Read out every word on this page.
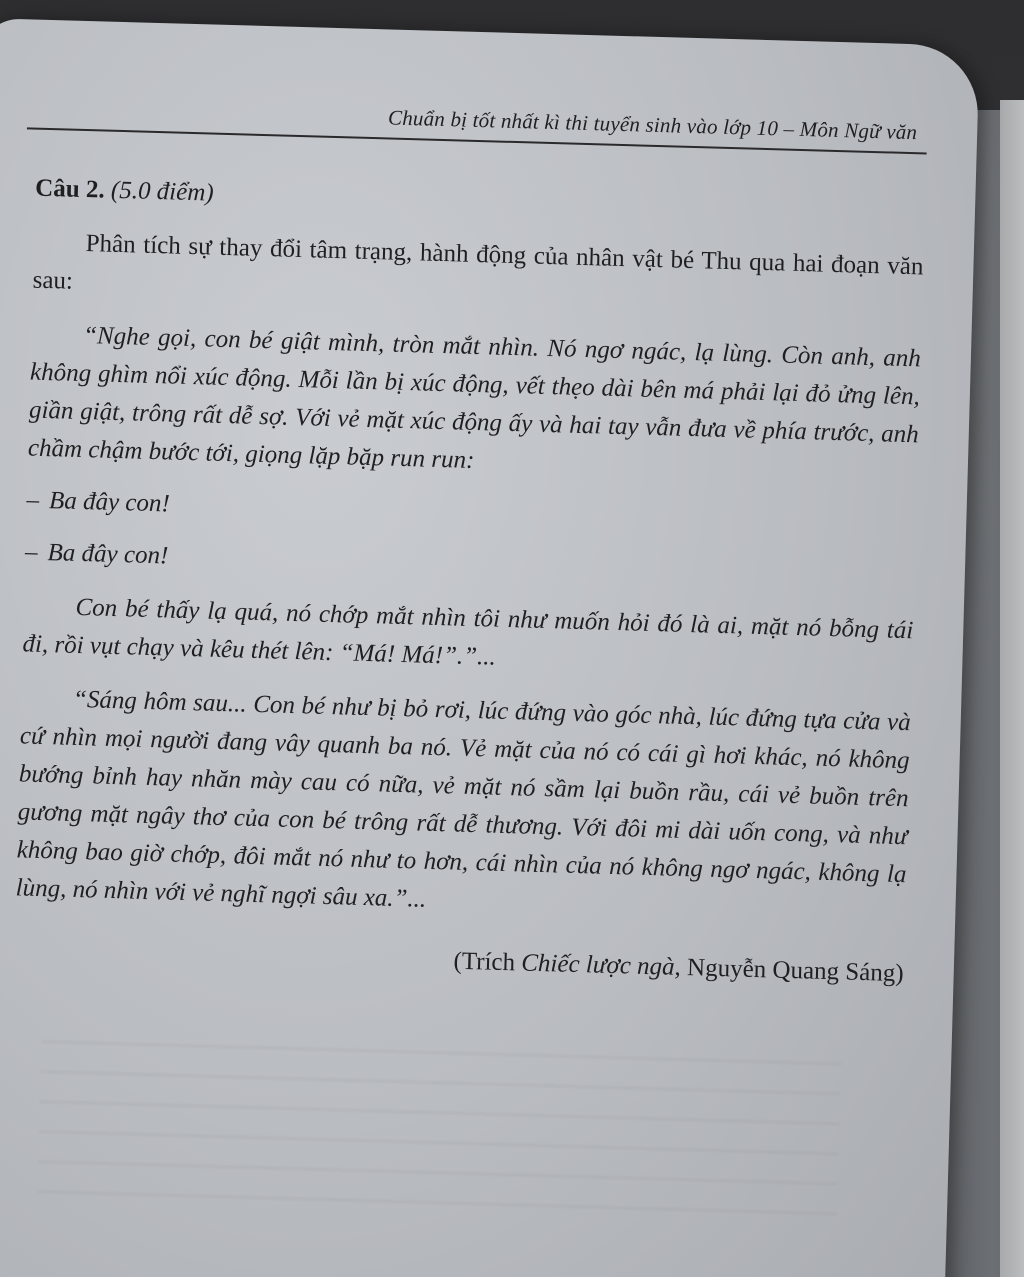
Chuẩn bị tốt nhất kì thi tuyển sinh vào lớp 10 – Môn Ngữ văn
Câu 2. (5.0 điểm)
Phân tích sự thay đổi tâm trạng, hành động của nhân vật bé Thu qua hai đoạn văn sau:
“Nghe gọi, con bé giật mình, tròn mắt nhìn. Nó ngơ ngác, lạ lùng. Còn anh, anh không ghìm nổi xúc động. Mỗi lần bị xúc động, vết thẹo dài bên má phải lại đỏ ửng lên, giần giật, trông rất dễ sợ. Với vẻ mặt xúc động ấy và hai tay vẫn đưa về phía trước, anh chầm chậm bước tới, giọng lặp bặp run run:
– Ba đây con!
– Ba đây con!
Con bé thấy lạ quá, nó chớp mắt nhìn tôi như muốn hỏi đó là ai, mặt nó bỗng tái đi, rồi vụt chạy và kêu thét lên: “Má! Má!”.”...
“Sáng hôm sau... Con bé như bị bỏ rơi, lúc đứng vào góc nhà, lúc đứng tựa cửa và cứ nhìn mọi người đang vây quanh ba nó. Vẻ mặt của nó có cái gì hơi khác, nó không bướng bỉnh hay nhăn mày cau có nữa, vẻ mặt nó sầm lại buồn rầu, cái vẻ buồn trên gương mặt ngây thơ của con bé trông rất dễ thương. Với đôi mi dài uốn cong, và như không bao giờ chớp, đôi mắt nó như to hơn, cái nhìn của nó không ngơ ngác, không lạ lùng, nó nhìn với vẻ nghĩ ngợi sâu xa.”...
(Trích Chiếc lược ngà, Nguyễn Quang Sáng)
